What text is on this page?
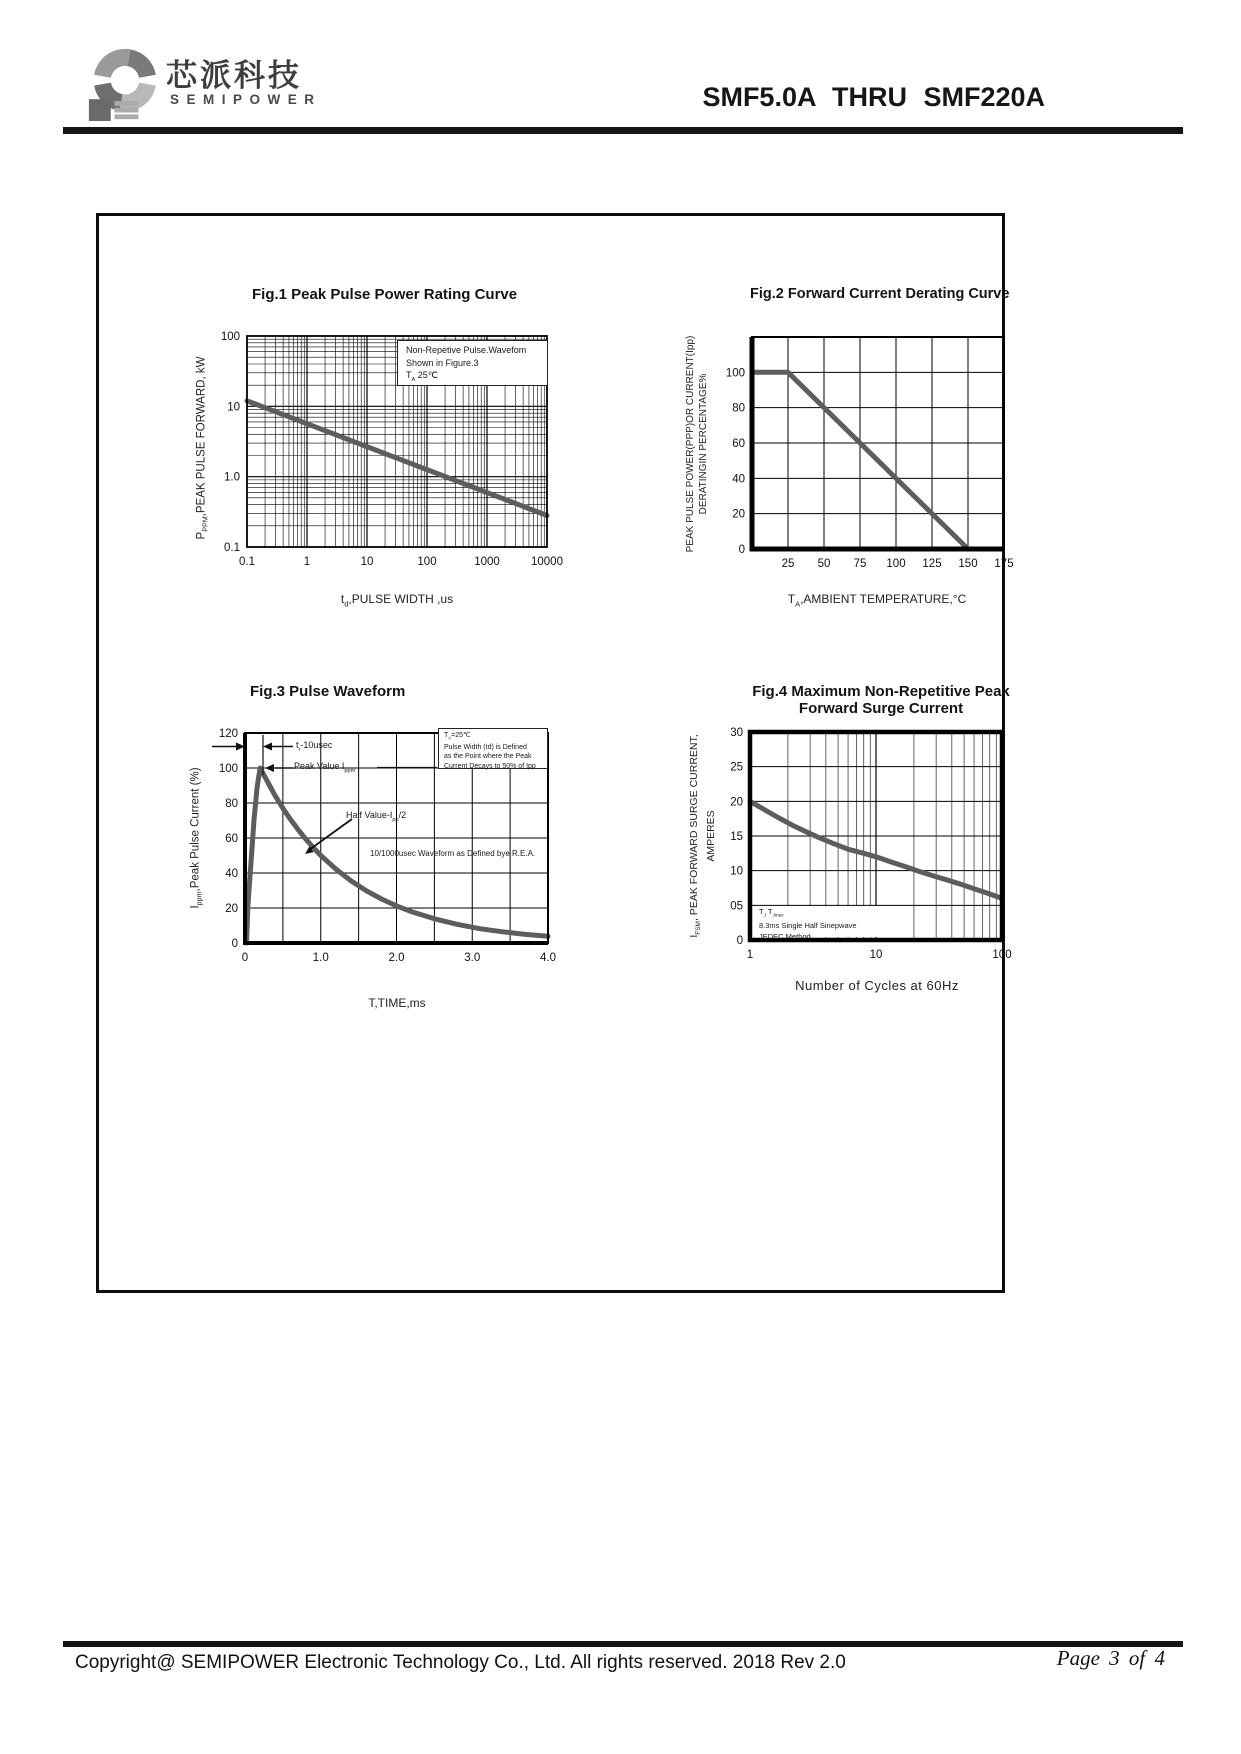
芯派科技
SEMIPOWER	SMF5.0A THRU SMF220A
Fig.1 Peak Pulse Power Rating Curve
0.1	1	10	100	1000	10000
100
10
1.0
0.1
Non-Repetive Pulse.Wavefom
Shown in Figure.3
$T_A$ 25℃
$P_{PPM},PEAK$ PULSE FORWARD, kW
$t_d,PULSE$ WIDTH ,us
Fig.2 Forward Current Derating Curve
25 50 75 100 125 150 175
0
20
40
60
80
100
PEAK PULSE POWER(PPP)OR CURRENT(Ipp) DERATINGIN PERCENTAGE%
$T_A,AMBIENT$ TEMPERATURE,°C
Fig.3 Pulse Waveform
0	1.0	2.0	3.0	4.0
0
20
40
60
80
100
120
$t_r-10usec$
Peak Value $I_{ppm}$
Half Value-$I_{pp}/2$
10/1000usec Waveform as Defined bye R.E.A.
$T_A=25℃$
Pulse Width (td) is Defined
as the Point where the Peak
Current Decays to 50% of Ipp
$I_{ppm},Peak$ Pulse Current (%)
T,TIME,ms
Fig.4 Maximum Non-Repetitive Peak
Forward Surge Current
1	10	100
0
05
10
15
20
25
30
$T_J$ $T_{Jmax}$
8.3ms Single Half Sinepwave
JEDEC Method
$I_{FSM}$, PEAK FORWARD SURGE CURRENT, AMPERES
Number of Cycles at 60Hz
Copyright@ SEMIPOWER Electronic Technology Co., Ltd. All rights reserved. 2018 Rev 2.0	Page 3 of 4
